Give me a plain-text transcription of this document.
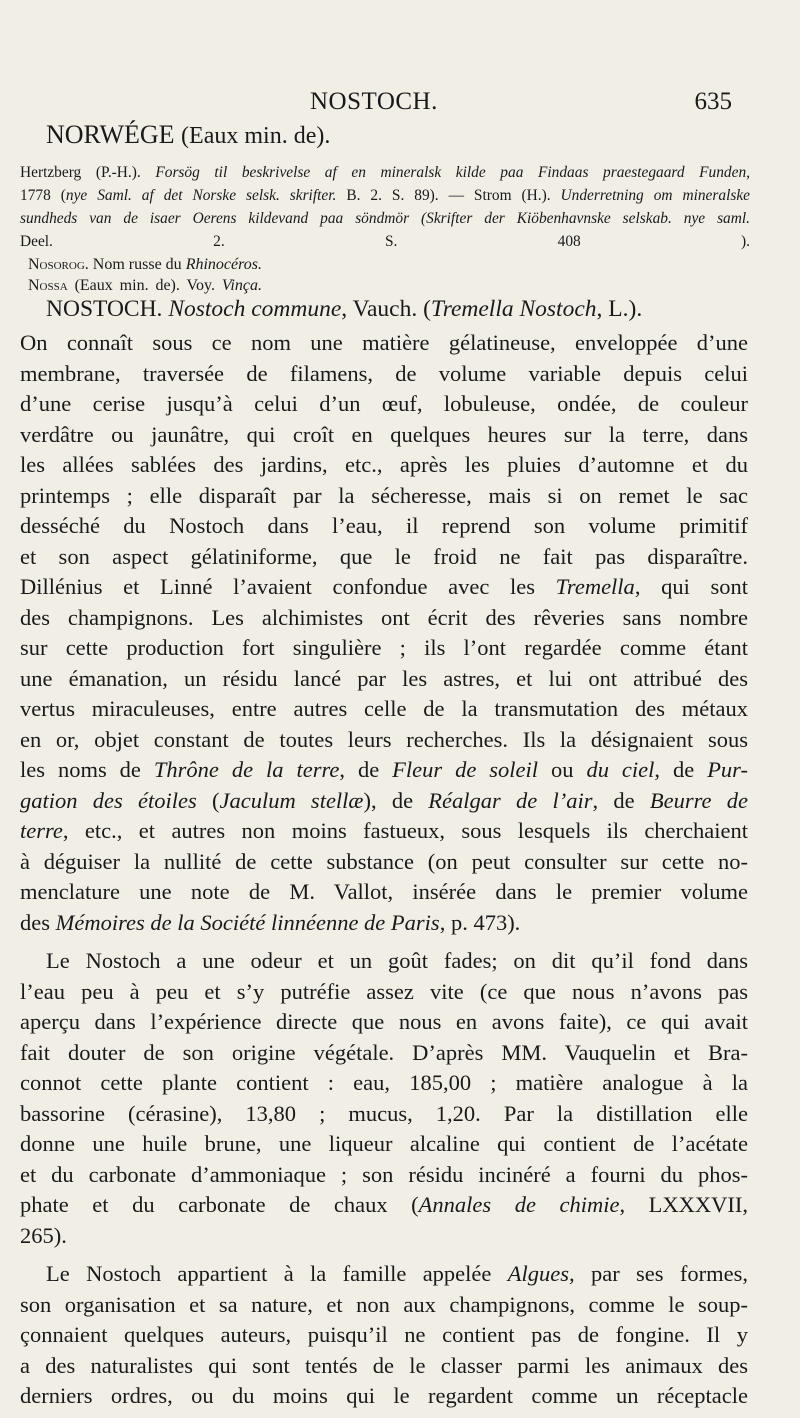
NOSTOCH.	635
NORWÉGE (Eaux min. de).
Hertzberg (P.-H.). Forsög til beskrivelse af en mineralsk kilde paa Findaas praestegaard Funden,
1778 (nye Saml. af det Norske selsk. skrifter. B. 2. S. 89). — Strom (H.). Underretning om mineralske
sundheds van de isaer Oerens kildevand paa söndmör (Skrifter der Kiöbenhavnske selskab. nye saml.
Deel. 2. S. 408 ).
Nosorog. Nom russe du Rhinocéros.
Nossa (Eaux min. de). Voy. Vinça.
NOSTOCH. Nostoch commune, Vauch. (Tremella Nostoch, L.).
On connaît sous ce nom une matière gélatineuse, enveloppée d’une
membrane, traversée de filamens, de volume variable depuis celui
d’une cerise jusqu’à celui d’un œuf, lobuleuse, ondée, de couleur
verdâtre ou jaunâtre, qui croît en quelques heures sur la terre, dans
les allées sablées des jardins, etc., après les pluies d’automne et du
printemps ; elle disparaît par la sécheresse, mais si on remet le sac
desséché du Nostoch dans l’eau, il reprend son volume primitif
et son aspect gélatiniforme, que le froid ne fait pas disparaître.
Dillénius et Linné l’avaient confondue avec les Tremella, qui sont
des champignons. Les alchimistes ont écrit des rêveries sans nombre
sur cette production fort singulière ; ils l’ont regardée comme étant
une émanation, un résidu lancé par les astres, et lui ont attribué des
vertus miraculeuses, entre autres celle de la transmutation des métaux
en or, objet constant de toutes leurs recherches. Ils la désignaient sous
les noms de Thrône de la terre, de Fleur de soleil ou du ciel, de Pur-
gation des étoiles (Jaculum stellæ), de Réalgar de l’air, de Beurre de
terre, etc., et autres non moins fastueux, sous lesquels ils cherchaient
à déguiser la nullité de cette substance (on peut consulter sur cette no-
menclature une note de M. Vallot, insérée dans le premier volume
des Mémoires de la Société linnéenne de Paris, p. 473).
Le Nostoch a une odeur et un goût fades; on dit qu’il fond dans
l’eau peu à peu et s’y putréfie assez vite (ce que nous n’avons pas
aperçu dans l’expérience directe que nous en avons faite), ce qui avait
fait douter de son origine végétale. D’après MM. Vauquelin et Bra-
connot cette plante contient : eau, 185,00 ; matière analogue à la
bassorine (cérasine), 13,80 ; mucus, 1,20. Par la distillation elle
donne une huile brune, une liqueur alcaline qui contient de l’acétate
et du carbonate d’ammoniaque ; son résidu incinéré a fourni du phos-
phate et du carbonate de chaux (Annales de chimie, LXXXVII,
265).
Le Nostoch appartient à la famille appelée Algues, par ses formes,
son organisation et sa nature, et non aux champignons, comme le soup-
çonnaient quelques auteurs, puisqu’il ne contient pas de fongine. Il y
a des naturalistes qui sont tentés de le classer parmi les animaux des
derniers ordres, ou du moins qui le regardent comme un réceptacle
